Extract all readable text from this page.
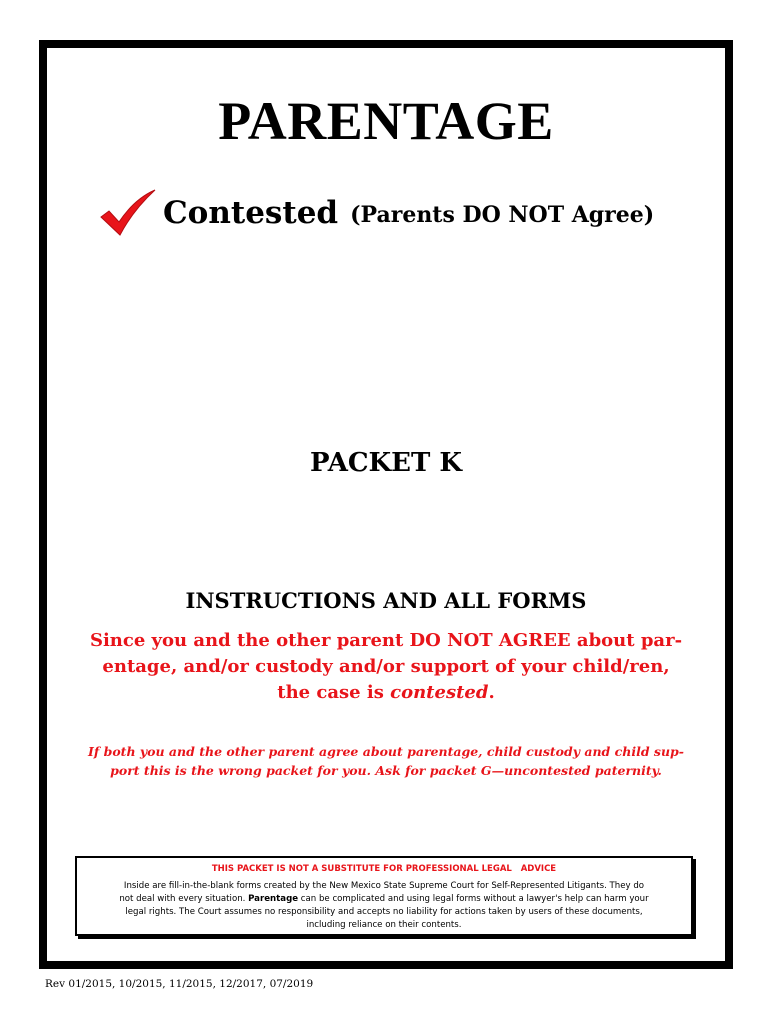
PARENTAGE
Contested (Parents DO NOT Agree)
PACKET K
INSTRUCTIONS AND ALL FORMS
Since you and the other parent DO NOT AGREE about par-
entage, and/or custody and/or support of your child/ren,
the case is contested.
If both you and the other parent agree about parentage, child custody and child sup-
port this is the wrong packet for you. Ask for packet G—uncontested paternity.
THIS PACKET IS NOT A SUBSTITUTE FOR PROFESSIONAL LEGAL   ADVICE
Inside are fill-in-the-blank forms created by the New Mexico State Supreme Court for Self-Represented Litigants. They do
not deal with every situation. Parentage can be complicated and using legal forms without a lawyer's help can harm your
legal rights. The Court assumes no responsibility and accepts no liability for actions taken by users of these documents,
including reliance on their contents.
Rev 01/2015, 10/2015, 11/2015, 12/2017, 07/2019
